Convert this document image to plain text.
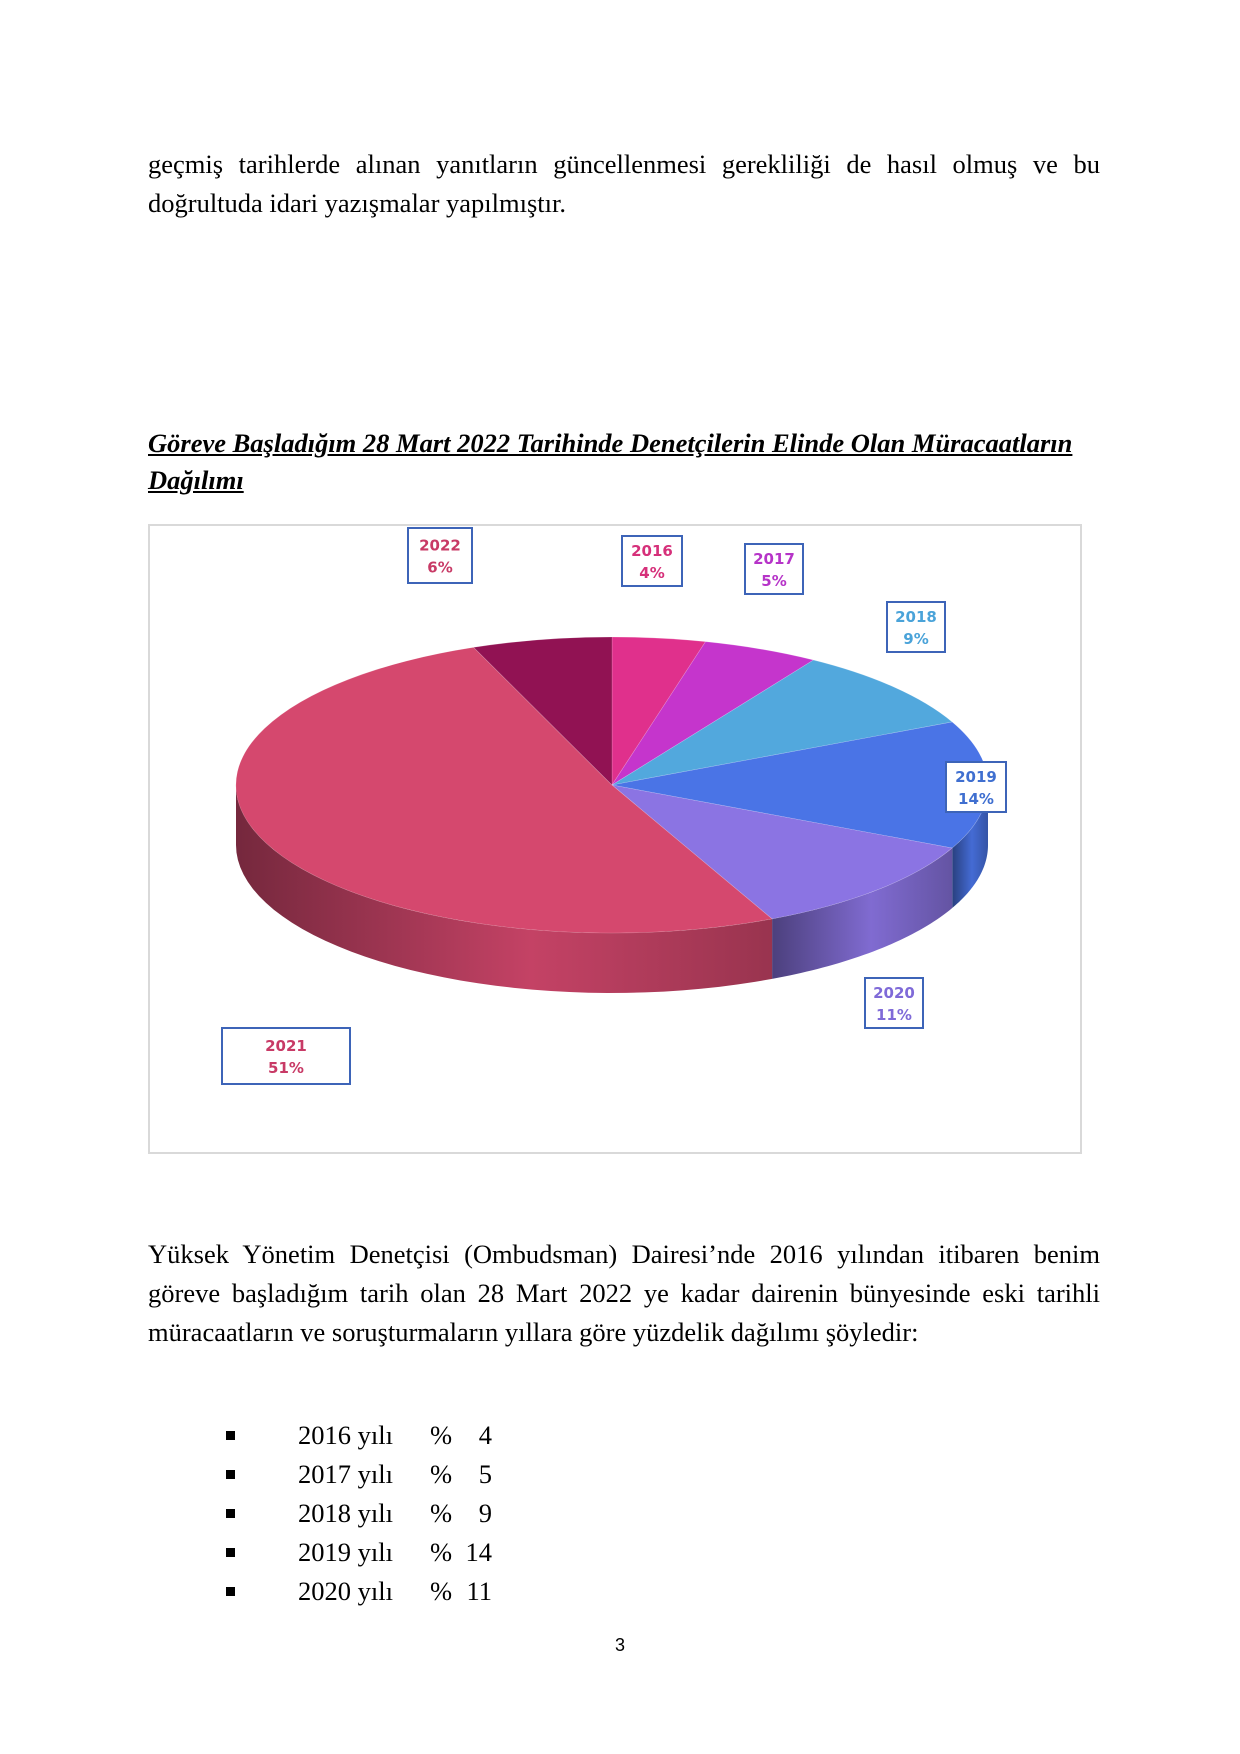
geçmiş tarihlerde alınan yanıtların güncellenmesi gerekliliği de hasıl olmuş ve bu doğrultuda idari yazışmalar yapılmıştır.

Göreve Başladığım 28 Mart 2022 Tarihinde Denetçilerin Elinde Olan Müracaatların Dağılımı

2016
4%
2017
5%
2018
9%
2019
14%
2020
11%
2021
51%
2022
6%

Yüksek Yönetim Denetçisi (Ombudsman) Dairesi’nde 2016 yılından itibaren benim göreve başladığım tarih olan 28 Mart 2022 ye kadar dairenin bünyesinde eski tarihli müracaatların ve soruşturmaların yıllara göre yüzdelik dağılımı şöyledir:

2016 yılı %	4
2017 yılı %	5
2018 yılı %	9
2019 yılı % 14
2020 yılı % 11
3
